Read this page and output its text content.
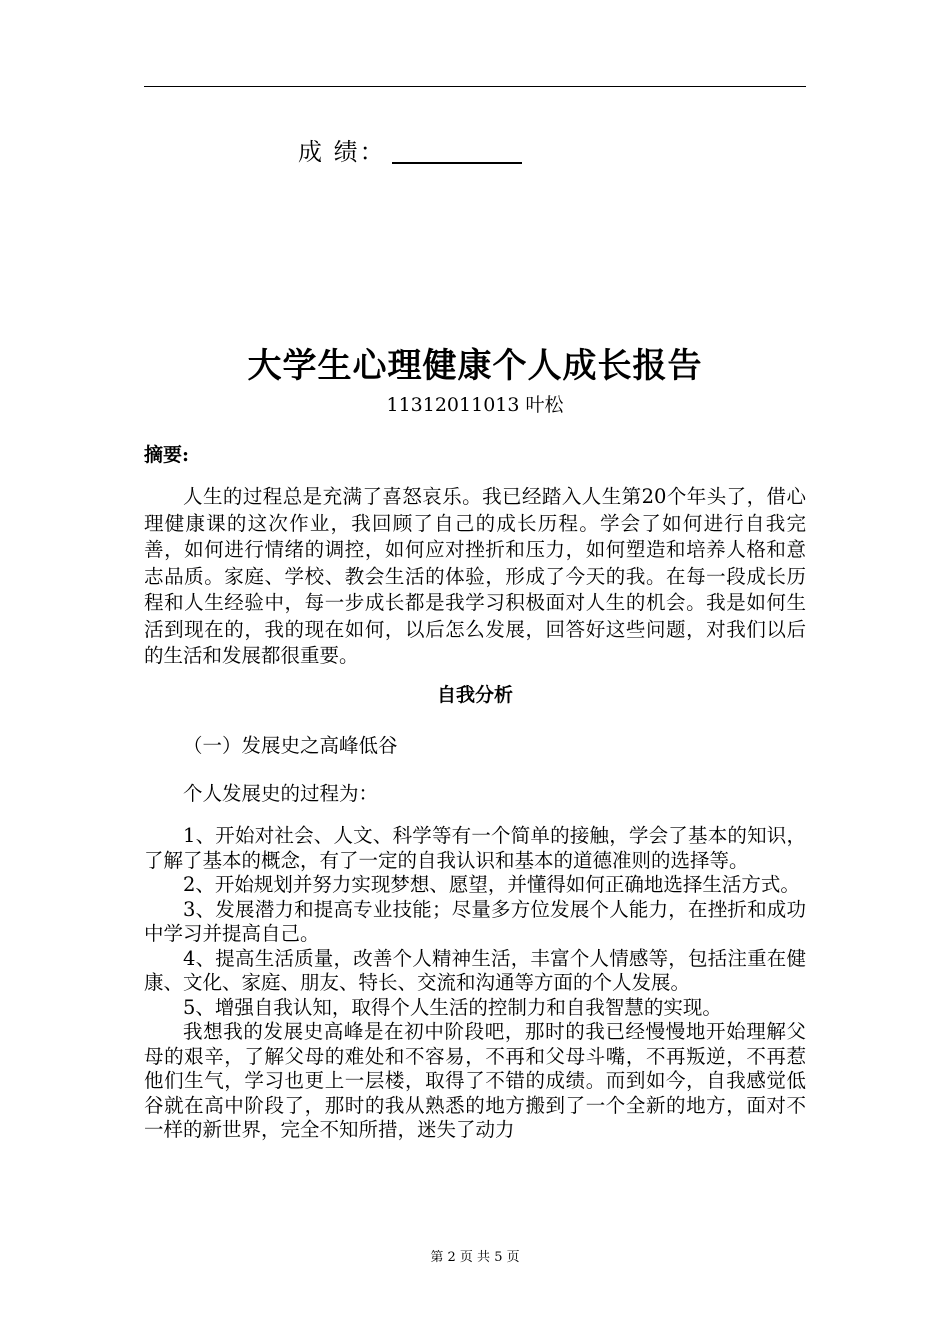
成 绩：
大学生心理健康个人成长报告
11312011013 叶松
摘要:

人生的过程总是充满了喜怒哀乐。我已经踏入人生第20个年头了，借心理健康课的这次作业，我回顾了自己的成长历程。学会了如何进行自我完善，如何进行情绪的调控，如何应对挫折和压力，如何塑造和培养人格和意志品质。家庭、学校、教会生活的体验，形成了今天的我。在每一段成长历程和人生经验中，每一步成长都是我学习积极面对人生的机会。我是如何生活到现在的，我的现在如何，以后怎么发展，回答好这些问题，对我们以后的生活和发展都很重要。

自我分析
（一）发展史之高峰低谷
个人发展史的过程为：

1、开始对社会、人文、科学等有一个简单的接触，学会了基本的知识，了解了基本的概念，有了一定的自我认识和基本的道德准则的选择等。

2、开始规划并努力实现梦想、愿望，并懂得如何正确地选择生活方式。

3、发展潜力和提高专业技能；尽量多方位发展个人能力，在挫折和成功中学习并提高自己。

4、提高生活质量，改善个人精神生活，丰富个人情感等，包括注重在健康、文化、家庭、朋友、特长、交流和沟通等方面的个人发展。

5、增强自我认知，取得个人生活的控制力和自我智慧的实现。

我想我的发展史高峰是在初中阶段吧，那时的我已经慢慢地开始理解父母的艰辛，了解父母的难处和不容易，不再和父母斗嘴，不再叛逆，不再惹他们生气，学习也更上一层楼，取得了不错的成绩。而到如今，自我感觉低谷就在高中阶段了，那时的我从熟悉的地方搬到了一个全新的地方，面对不一样的新世界，完全不知所措，迷失了动力

第 2 页 共 5 页
